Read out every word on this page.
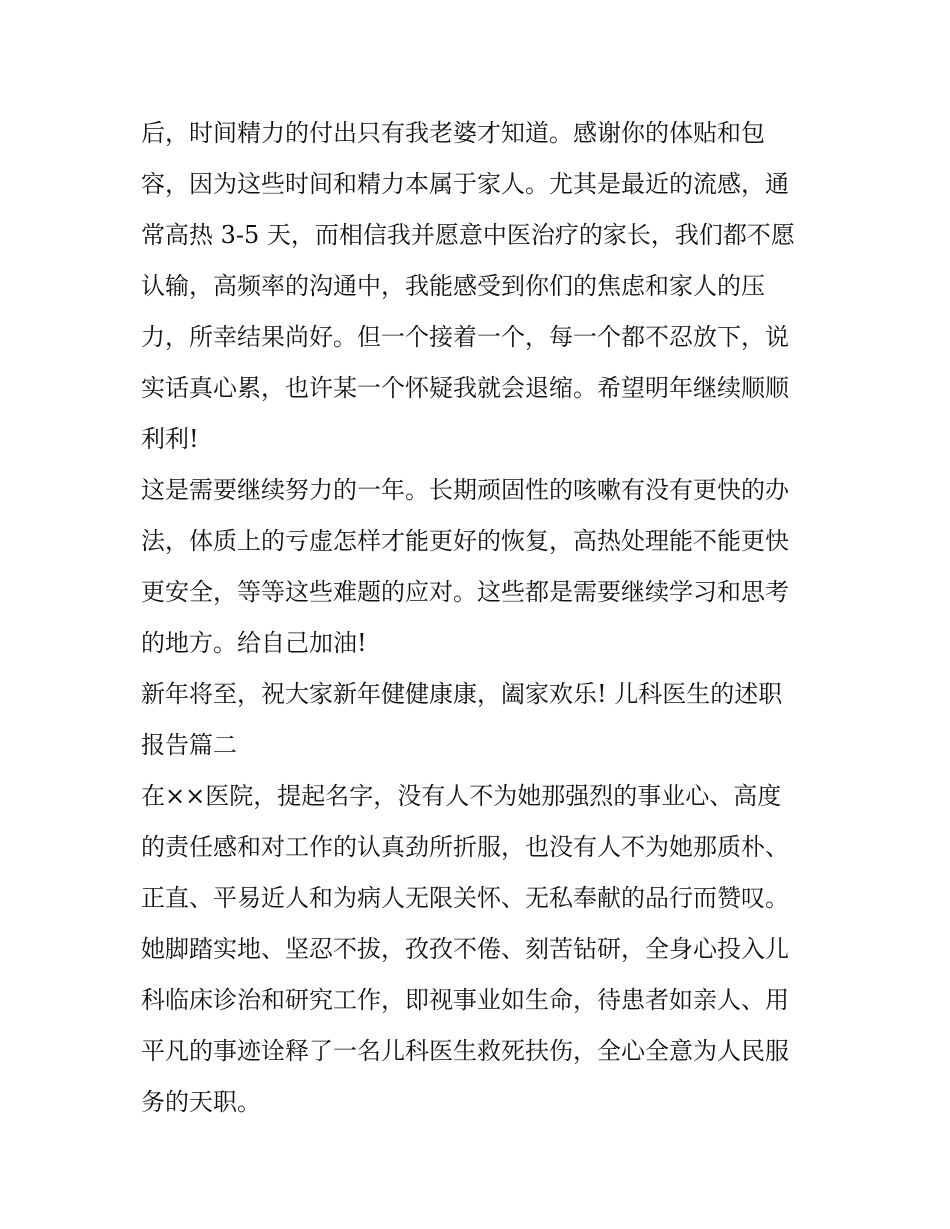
后，时间精力的付出只有我老婆才知道。感谢你的体贴和包
容，因为这些时间和精力本属于家人。尤其是最近的流感，通
常高热 3-5 天，而相信我并愿意中医治疗的家长，我们都不愿
认输，高频率的沟通中，我能感受到你们的焦虑和家人的压
力，所幸结果尚好。但一个接着一个，每一个都不忍放下，说
实话真心累，也许某一个怀疑我就会退缩。希望明年继续顺顺
利利!
这是需要继续努力的一年。长期顽固性的咳嗽有没有更快的办
法，体质上的亏虚怎样才能更好的恢复，高热处理能不能更快
更安全，等等这些难题的应对。这些都是需要继续学习和思考
的地方。给自己加油!
新年将至，祝大家新年健健康康，阖家欢乐! 儿科医生的述职
报告篇二
在××医院，提起名字，没有人不为她那强烈的事业心、高度
的责任感和对工作的认真劲所折服，也没有人不为她那质朴、
正直、平易近人和为病人无限关怀、无私奉献的品行而赞叹。
她脚踏实地、坚忍不拔，孜孜不倦、刻苦钻研，全身心投入儿
科临床诊治和研究工作，即视事业如生命，待患者如亲人、用
平凡的事迹诠释了一名儿科医生救死扶伤，全心全意为人民服
务的天职。
